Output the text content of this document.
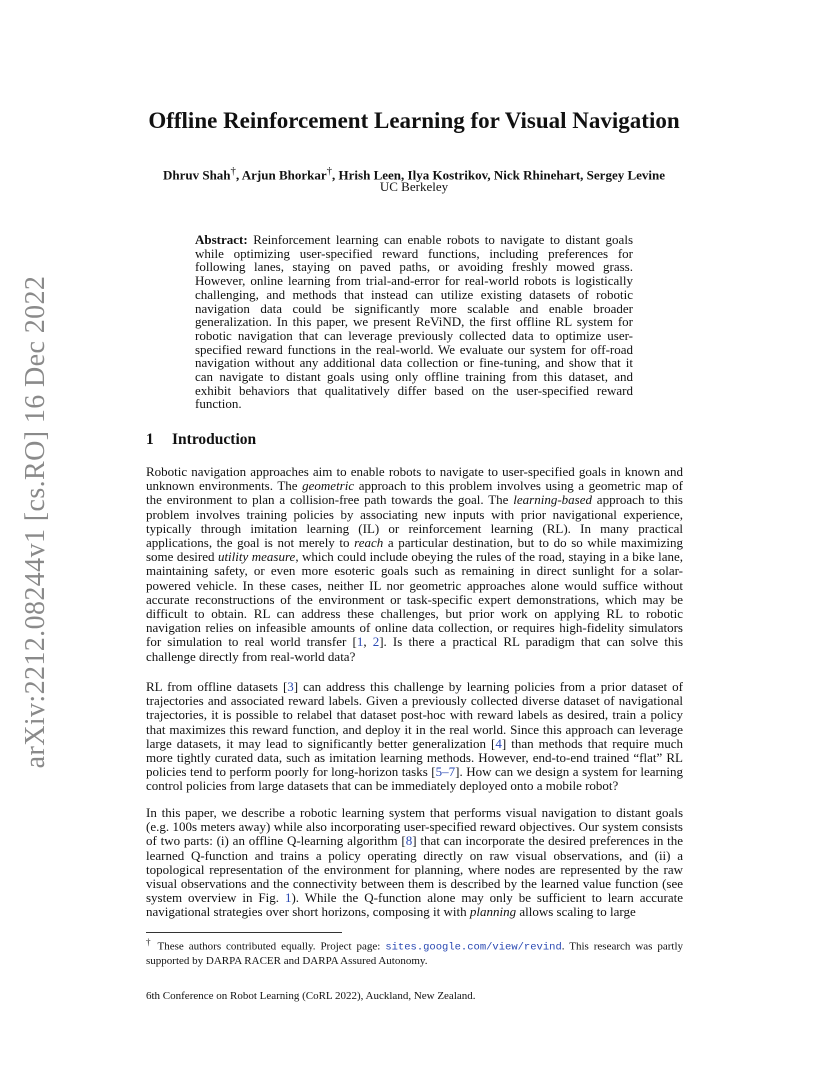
arXiv:2212.08244v1 [cs.RO] 16 Dec 2022
Offline Reinforcement Learning for Visual Navigation
Dhruv Shah†, Arjun Bhorkar†, Hrish Leen, Ilya Kostrikov, Nick Rhinehart, Sergey Levine
UC Berkeley

Abstract: Reinforcement learning can enable robots to navigate to distant goals while optimizing user-specified reward functions, including preferences for following lanes, staying on paved paths, or avoiding freshly mowed grass. However, online learning from trial-and-error for real-world robots is logistically challenging, and methods that instead can utilize existing datasets of robotic navigation data could be significantly more scalable and enable broader generalization. In this paper, we present ReViND, the first offline RL system for robotic navigation that can leverage previously collected data to optimize user-specified reward functions in the real-world. We evaluate our system for off-road navigation without any additional data collection or fine-tuning, and show that it can navigate to distant goals using only offline training from this dataset, and exhibit behaviors that qualitatively differ based on the user-specified reward function.

1 Introduction

Robotic navigation approaches aim to enable robots to navigate to user-specified goals in known and unknown environments. The geometric approach to this problem involves using a geometric map of the environment to plan a collision-free path towards the goal. The learning-based approach to this problem involves training policies by associating new inputs with prior navigational experience, typically through imitation learning (IL) or reinforcement learning (RL). In many practical applications, the goal is not merely to reach a particular destination, but to do so while maximizing some desired utility measure, which could include obeying the rules of the road, staying in a bike lane, maintaining safety, or even more esoteric goals such as remaining in direct sunlight for a solar-powered vehicle. In these cases, neither IL nor geometric approaches alone would suffice without accurate reconstructions of the environment or task-specific expert demonstrations, which may be difficult to obtain. RL can address these challenges, but prior work on applying RL to robotic navigation relies on infeasible amounts of online data collection, or requires high-fidelity simulators for simulation to real world transfer [1, 2]. Is there a practical RL paradigm that can solve this challenge directly from real-world data?

RL from offline datasets [3] can address this challenge by learning policies from a prior dataset of trajectories and associated reward labels. Given a previously collected diverse dataset of navigational trajectories, it is possible to relabel that dataset post-hoc with reward labels as desired, train a policy that maximizes this reward function, and deploy it in the real world. Since this approach can leverage large datasets, it may lead to significantly better generalization [4] than methods that require much more tightly curated data, such as imitation learning methods. However, end-to-end trained “flat” RL policies tend to perform poorly for long-horizon tasks [5–7]. How can we design a system for learning control policies from large datasets that can be immediately deployed onto a mobile robot?

In this paper, we describe a robotic learning system that performs visual navigation to distant goals (e.g. 100s meters away) while also incorporating user-specified reward objectives. Our system consists of two parts: (i) an offline Q-learning algorithm [8] that can incorporate the desired preferences in the learned Q-function and trains a policy operating directly on raw visual observations, and (ii) a topological representation of the environment for planning, where nodes are represented by the raw visual observations and the connectivity between them is described by the learned value function (see system overview in Fig. 1). While the Q-function alone may only be sufficient to learn accurate navigational strategies over short horizons, composing it with planning allows scaling to large

† These authors contributed equally. Project page: sites.google.com/view/revind. This research was partly supported by DARPA RACER and DARPA Assured Autonomy.

6th Conference on Robot Learning (CoRL 2022), Auckland, New Zealand.
